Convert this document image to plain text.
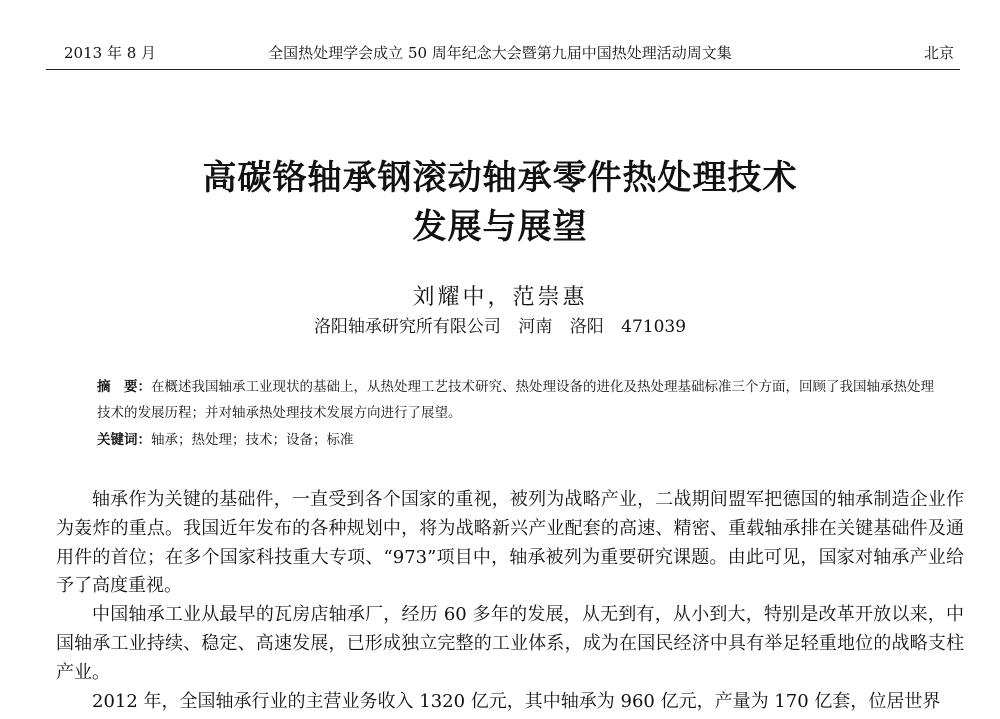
2013 年 8 月	全国热处理学会成立 50 周年纪念大会暨第九届中国热处理活动周文集	北京
高碳铬轴承钢滚动轴承零件热处理技术
发展与展望
刘耀中，范崇惠
洛阳轴承研究所有限公司 河南 洛阳 471039
摘　要：在概述我国轴承工业现状的基础上，从热处理工艺技术研究、热处理设备的进化及热处理基础标准三个方面，回顾了我国轴承热处理技术的发展历程；并对轴承热处理技术发展方向进行了展望。
关键词：轴承；热处理；技术；设备；标准

轴承作为关键的基础件，一直受到各个国家的重视，被列为战略产业，二战期间盟军把德国的轴承制造企业作为轰炸的重点。我国近年发布的各种规划中，将为战略新兴产业配套的高速、精密、重载轴承排在关键基础件及通用件的首位；在多个国家科技重大专项、“973”项目中，轴承被列为重要研究课题。由此可见，国家对轴承产业给予了高度重视。

中国轴承工业从最早的瓦房店轴承厂，经历 60 多年的发展，从无到有，从小到大，特别是改革开放以来，中国轴承工业持续、稳定、高速发展，已形成独立完整的工业体系，成为在国民经济中具有举足轻重地位的战略支柱产业。

2012 年，全国轴承行业的主营业务收入 1320 亿元，其中轴承为 960 亿元，产量为 170 亿套，位居世界
